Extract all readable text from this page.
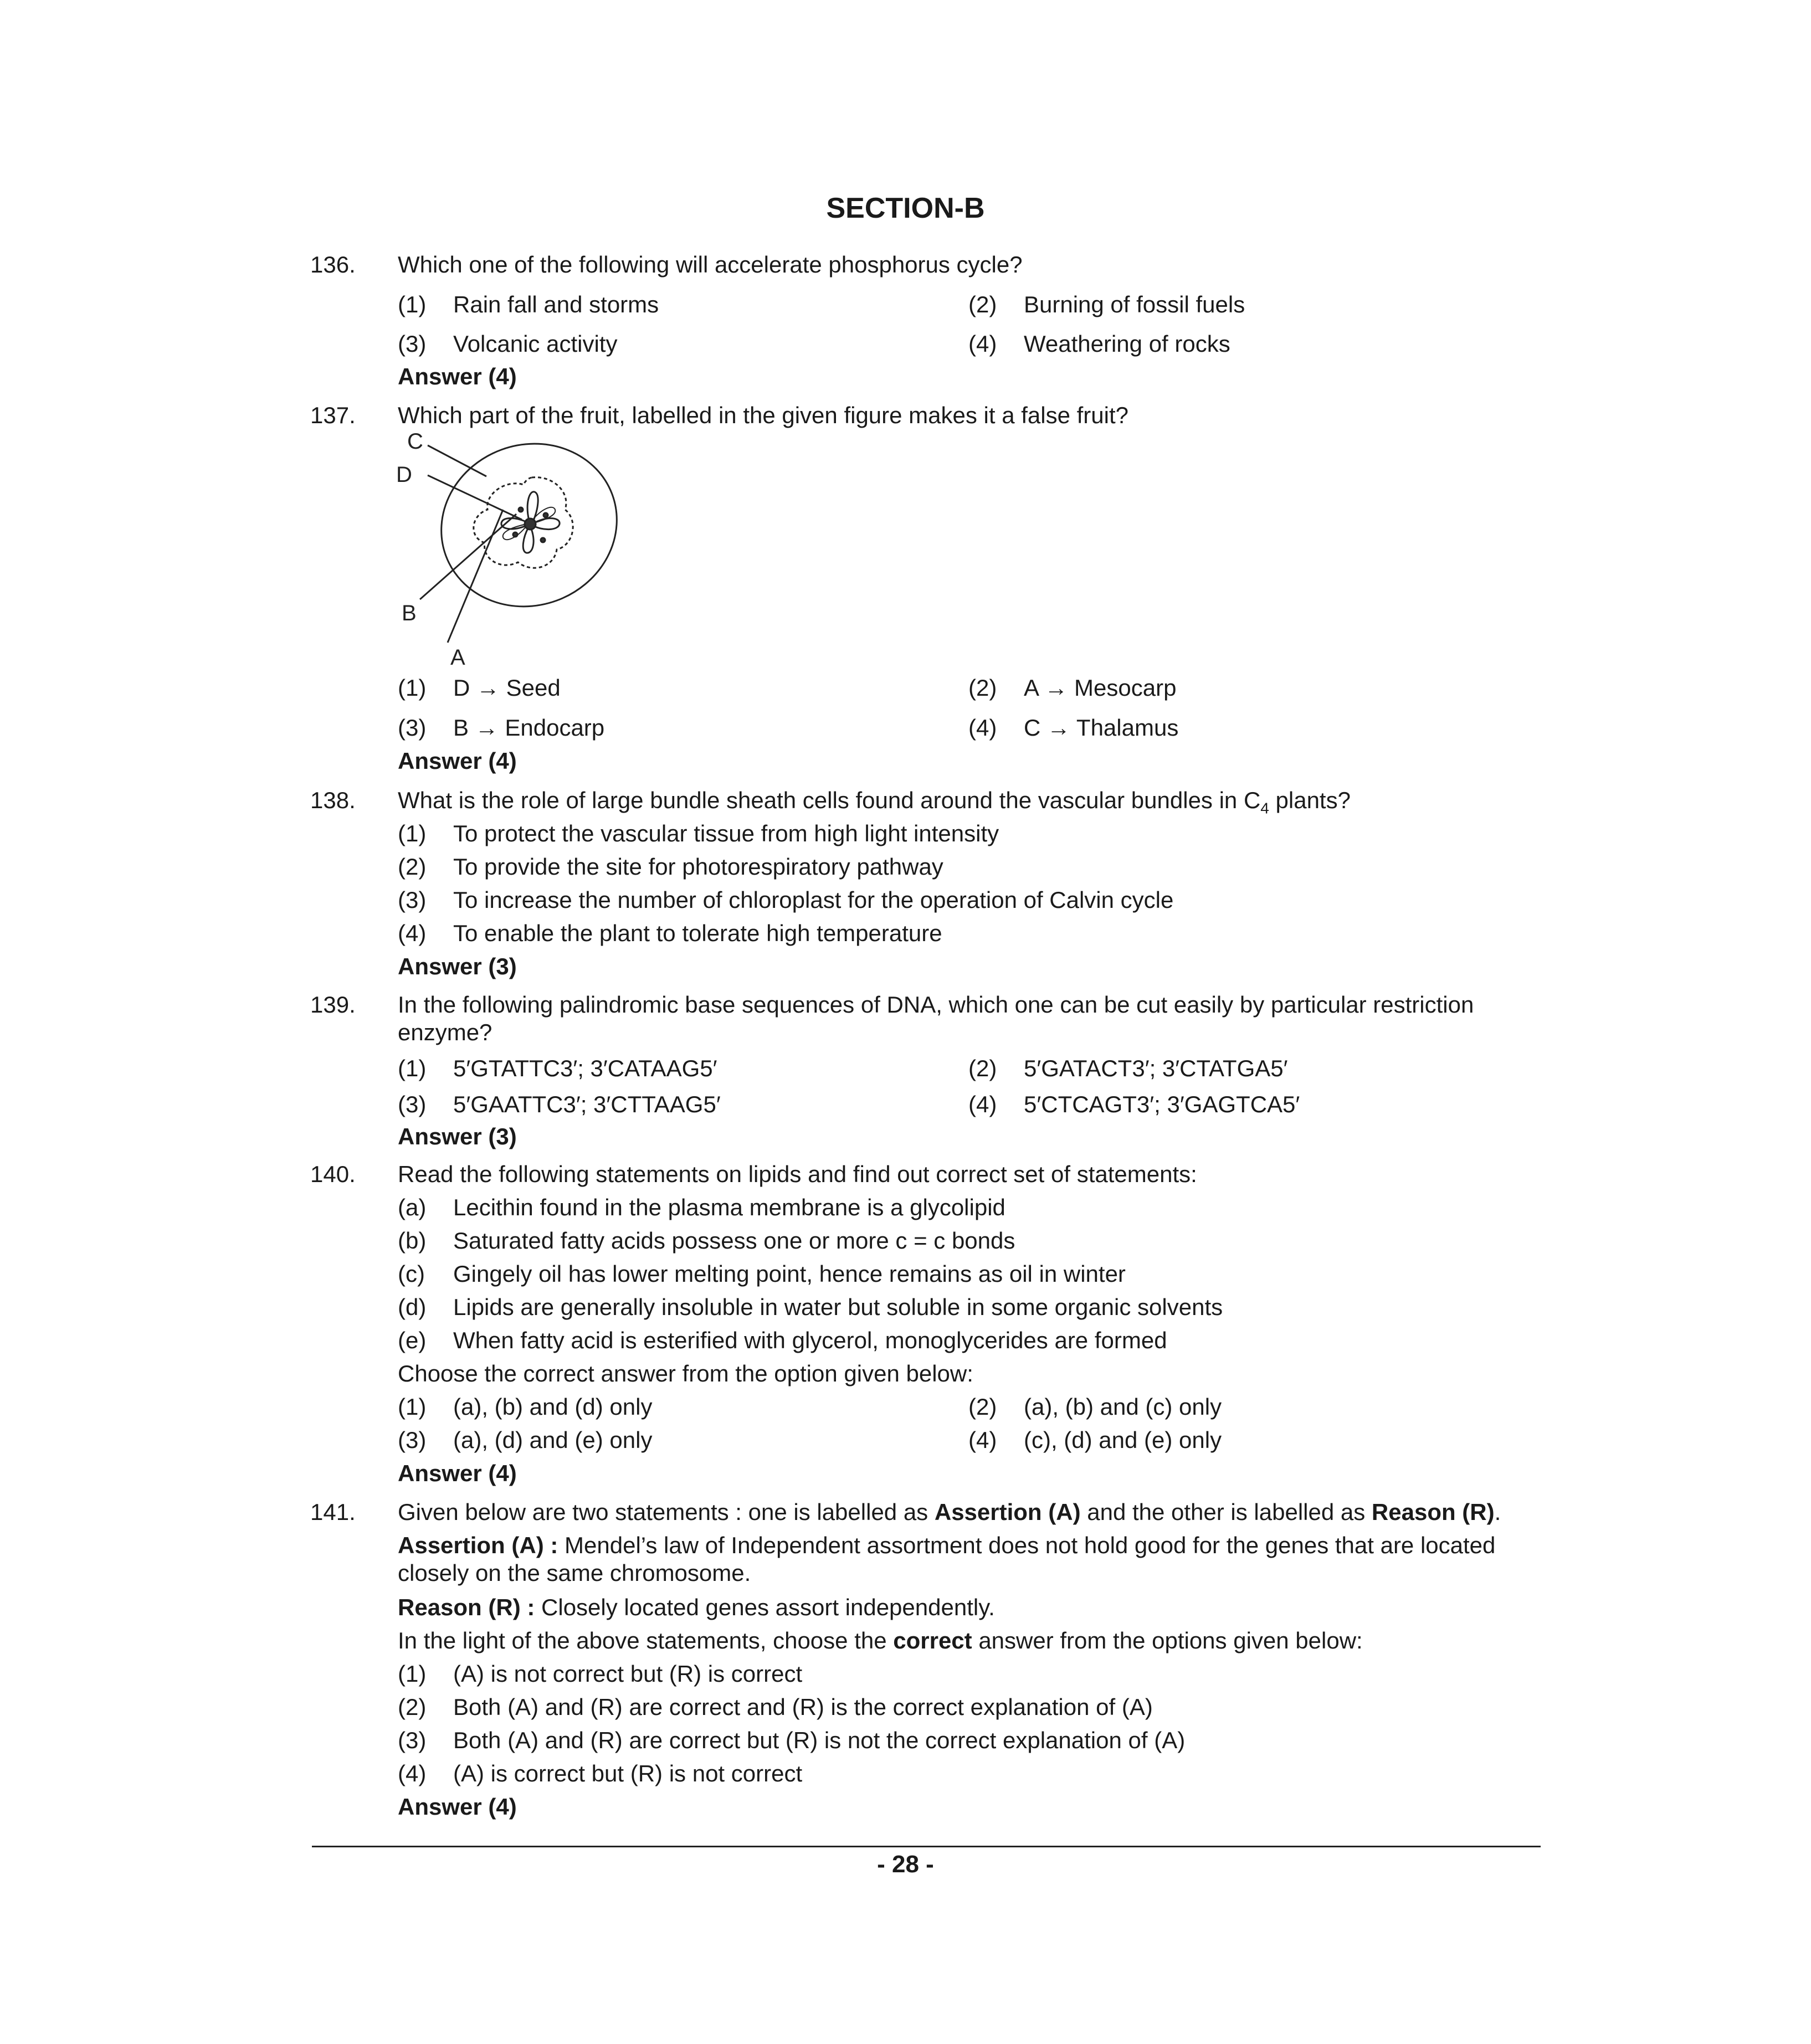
SECTION-B
136. Which one of the following will accelerate phosphorus cycle?
(1) Rain fall and storms	(2) Burning of fossil fuels
(3) Volcanic activity	(4) Weathering of rocks
Answer (4)
137. Which part of the fruit, labelled in the given figure makes it a false fruit?
(1) D → Seed	(2) A → Mesocarp
(3) B → Endocarp	(4) C → Thalamus
Answer (4)
C
D
B
A
138. What is the role of large bundle sheath cells found around the vascular bundles in $C_4$ plants?
(1) To protect the vascular tissue from high light intensity
(2) To provide the site for photorespiratory pathway
(3) To increase the number of chloroplast for the operation of Calvin cycle
(4) To enable the plant to tolerate high temperature
Answer (3)
139. In the following palindromic base sequences of DNA, which one can be cut easily by particular restriction
enzyme?
(1) 5′GTATTC3′; 3′CATAAG5′	(2) 5′GATACT3′; 3′CTATGA5′
(3) 5′GAATTC3′; 3′CTTAAG5′	(4) 5′CTCAGT3′; 3′GAGTCA5′
Answer (3)
140. Read the following statements on lipids and find out correct set of statements:
(a) Lecithin found in the plasma membrane is a glycolipid
(b) Saturated fatty acids possess one or more c = c bonds
(c) Gingely oil has lower melting point, hence remains as oil in winter
(d) Lipids are generally insoluble in water but soluble in some organic solvents
(e) When fatty acid is esterified with glycerol, monoglycerides are formed
Choose the correct answer from the option given below:
(1) (a), (b) and (d) only	(2) (a), (b) and (c) only
(3) (a), (d) and (e) only	(4) (c), (d) and (e) only
Answer (4)
141. Given below are two statements : one is labelled as Assertion (A) and the other is labelled as Reason (R).
Assertion (A) : Mendel’s law of Independent assortment does not hold good for the genes that are located
closely on the same chromosome.
Reason (R) : Closely located genes assort independently.
In the light of the above statements, choose the correct answer from the options given below:
(1) (A) is not correct but (R) is correct
(2) Both (A) and (R) are correct and (R) is the correct explanation of (A)
(3) Both (A) and (R) are correct but (R) is not the correct explanation of (A)
(4) (A) is correct but (R) is not correct
Answer (4)
- 28 -
